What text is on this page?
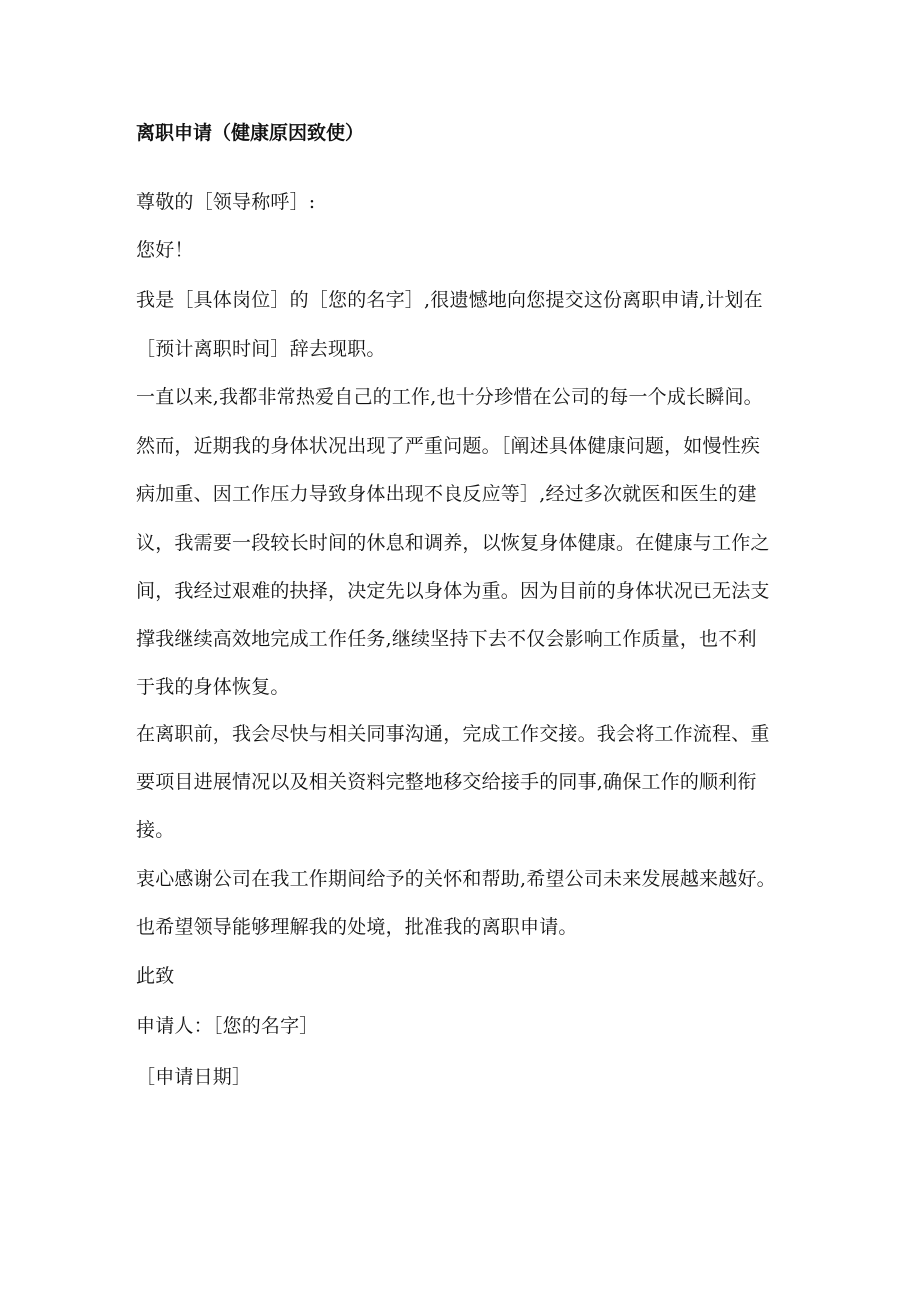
离职申请（健康原因致使）
尊敬的［领导称呼］:
您好！
我是［具体岗位］的［您的名字］,很遗憾地向您提交这份离职申请,计划在
［预计离职时间］辞去现职。
一直以来,我都非常热爱自己的工作,也十分珍惜在公司的每一个成长瞬间。
然而，近期我的身体状况出现了严重问题。［阐述具体健康问题，如慢性疾
病加重、因工作压力导致身体出现不良反应等］,经过多次就医和医生的建
议，我需要一段较长时间的休息和调养，以恢复身体健康。在健康与工作之
间，我经过艰难的抉择，决定先以身体为重。因为目前的身体状况已无法支
撑我继续高效地完成工作任务,继续坚持下去不仅会影响工作质量，也不利
于我的身体恢复。
在离职前，我会尽快与相关同事沟通，完成工作交接。我会将工作流程、重
要项目进展情况以及相关资料完整地移交给接手的同事,确保工作的顺利衔
接。
衷心感谢公司在我工作期间给予的关怀和帮助,希望公司未来发展越来越好。
也希望领导能够理解我的处境，批准我的离职申请。
此致
申请人：［您的名字］
［申请日期］
